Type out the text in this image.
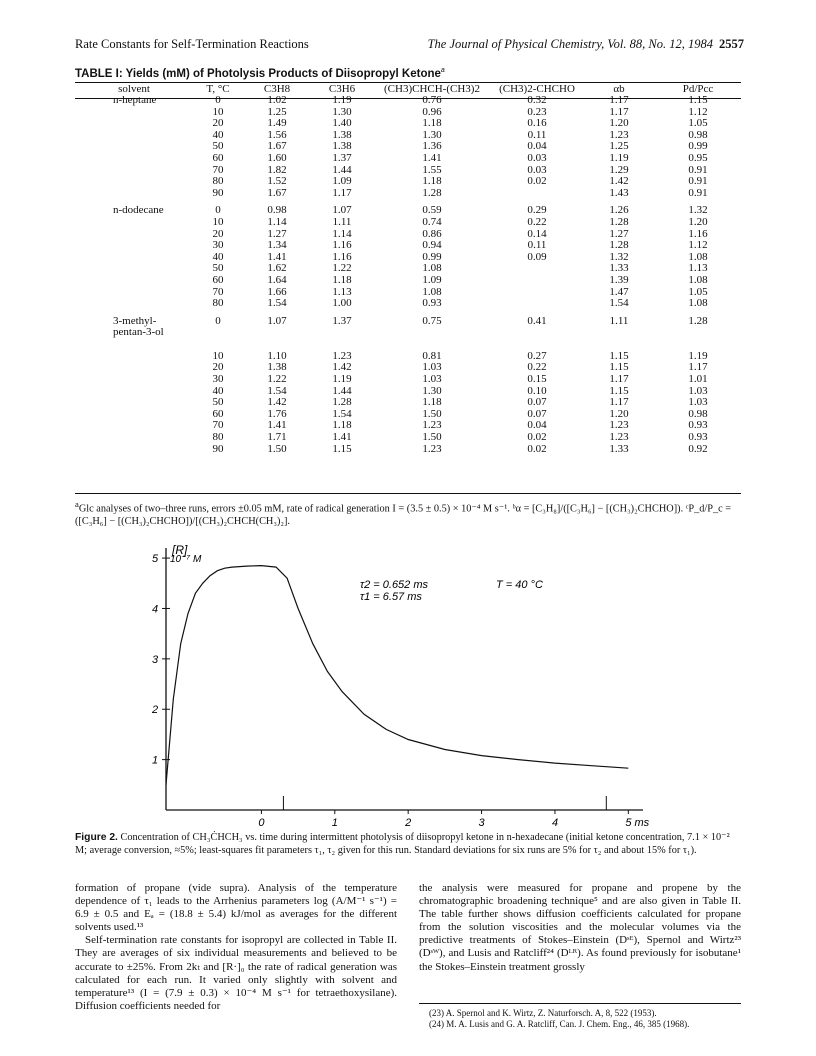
Rate Constants for Self-Termination Reactions	The Journal of Physical Chemistry, Vol. 88, No. 12, 1984 2557
TABLE I: Yields (mM) of Photolysis Products of Diisopropyl Ketone$^a$
solvent	T, °C	C3H8	C3H6	(CH3)CHCH-(CH3)2	(CH3)2-CHCHO	αb	Pd/Pcc
n-heptane	0	1.02	1.19	0.76	0.32	1.17	1.15
	10	1.25	1.30	0.96	0.23	1.17	1.12
	20	1.49	1.40	1.18	0.16	1.20	1.05
	40	1.56	1.38	1.30	0.11	1.23	0.98
	50	1.67	1.38	1.36	0.04	1.25	0.99
	60	1.60	1.37	1.41	0.03	1.19	0.95
	70	1.82	1.44	1.55	0.03	1.29	0.91
	80	1.52	1.09	1.18	0.02	1.42	0.91
	90	1.67	1.17	1.28		1.43	0.91
n-dodecane	0	0.98	1.07	0.59	0.29	1.26	1.32
	10	1.14	1.11	0.74	0.22	1.28	1.20
	20	1.27	1.14	0.86	0.14	1.27	1.16
	30	1.34	1.16	0.94	0.11	1.28	1.12
	40	1.41	1.16	0.99	0.09	1.32	1.08
	50	1.62	1.22	1.08		1.33	1.13
	60	1.64	1.18	1.09		1.39	1.08
	70	1.66	1.13	1.08		1.47	1.05
	80	1.54	1.00	0.93		1.54	1.08
3-methyl-	0	1.07	1.37	0.75	0.41	1.11	1.28
pentan-3-ol							
	10	1.10	1.23	0.81	0.27	1.15	1.19
	20	1.38	1.42	1.03	0.22	1.15	1.17
	30	1.22	1.19	1.03	0.15	1.17	1.01
	40	1.54	1.44	1.30	0.10	1.15	1.03
	50	1.42	1.28	1.18	0.07	1.17	1.03
	60	1.76	1.54	1.50	0.07	1.20	0.98
	70	1.41	1.18	1.23	0.04	1.23	0.93
	80	1.71	1.41	1.50	0.02	1.23	0.93
	90	1.50	1.15	1.23	0.02	1.33	0.92
$^a$Glc analyses of two–three runs, errors ±0.05 mM, rate of radical generation I = (3.5 ± 0.5) × 10⁻⁴ M s⁻¹. ᵇα = [C₃H₈]/([C₃H₆] − [(CH₃)₂CHCHO]). ᶜP_d/P_c = ([C₃H₆] − [(CH₃)₂CHCHO])/[(CH₃)₂CHCH(CH₃)₂].
[R]
10⁻⁷ M
1
2
3
4
5
0	1	2	3	4	5 ms
τ2 = 0.652 ms
τ1 = 6.57 ms
T = 40 °C
Figure 2. Concentration of CH₃ĊHCH₃ vs. time during intermittent photolysis of diisopropyl ketone in n-hexadecane (initial ketone concentration, 7.1 × 10⁻² M; average conversion, ≈5%; least-squares fit parameters τ₁, τ₂ given for this run. Standard deviations for six runs are 5% for τ₂ and about 15% for τ₁).

formation of propane (vide supra). Analysis of the temperature dependence of τ₁ leads to the Arrhenius parameters log (A/M⁻¹ s⁻¹) = 6.9 ± 0.5 and Eₐ = (18.8 ± 5.4) kJ/mol as averages for the different solvents used.¹³

Self-termination rate constants for isopropyl are collected in Table II. They are averages of six individual measurements and believed to be accurate to ±25%. From 2kₜ and [R·]₀ the rate of radical generation was calculated for each run. It varied only slightly with solvent and temperature¹³ (I = (7.9 ± 0.3) × 10⁻⁴ M s⁻¹ for tetraethoxysilane). Diffusion coefficients needed for

the analysis were measured for propane and propene by the chromatographic broadening technique⁵ and are also given in Table II. The table further shows diffusion coefficients calculated for propane from the solution viscosities and the molecular volumes via the predictive treatments of Stokes–Einstein (Dˢᴱ), Spernol and Wirtz²³ (Dˢᵂ), and Lusis and Ratcliff²⁴ (Dᴸᴿ). As found previously for isobutane¹ the Stokes–Einstein treatment grossly

(23) A. Spernol and K. Wirtz, Z. Naturforsch. A, 8, 522 (1953).
(24) M. A. Lusis and G. A. Ratcliff, Can. J. Chem. Eng., 46, 385 (1968).
